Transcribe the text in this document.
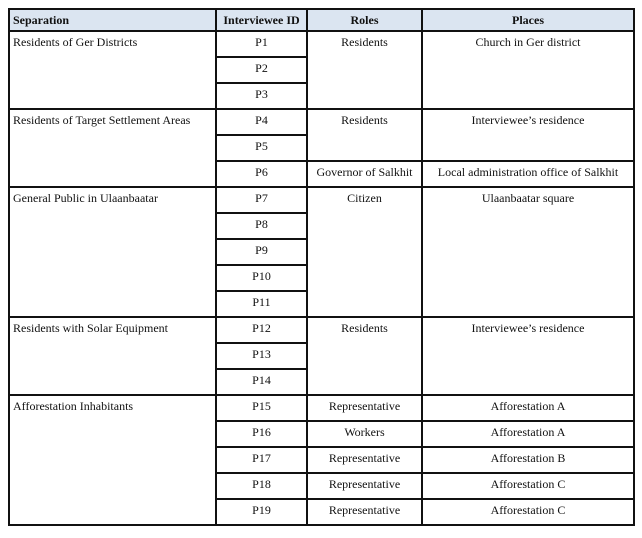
Separation	Interviewee ID	Roles	Places
Residents of Ger Districts	P1	Residents	Church in Ger district
	P2		
	P3		
Residents of Target Settlement Areas	P4	Residents	Interviewee’s residence
	P5		
	P6	Governor of Salkhit	Local administration office of Salkhit
General Public in Ulaanbaatar	P7	Citizen	Ulaanbaatar square
	P8		
	P9		
	P10		
	P11		
Residents with Solar Equipment	P12	Residents	Interviewee’s residence
	P13		
	P14		
Afforestation Inhabitants	P15	Representative	Afforestation A
	P16	Workers	Afforestation A
	P17	Representative	Afforestation B
	P18	Representative	Afforestation C
	P19	Representative	Afforestation C
